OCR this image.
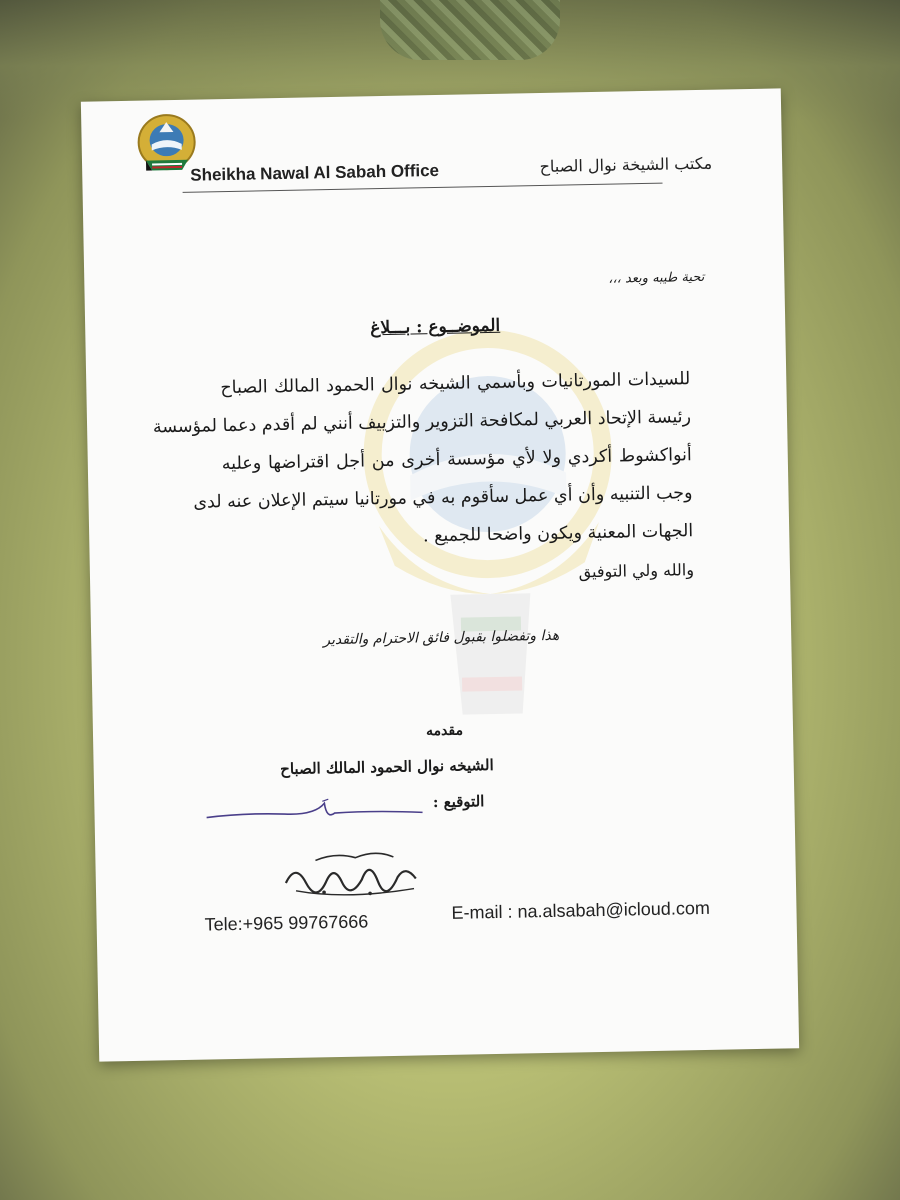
Sheikha Nawal Al Sabah Office	مكتب الشيخة نوال الصباح
تحية طيبه وبعد ،،،
الموضــوع : بـــلاغ
للسيدات المورتانيات وبأسمي الشيخه نوال الحمود المالك الصباح
رئيسة الإتحاد العربي لمكافحة التزوير والتزييف أنني لم أقدم دعما لمؤسسة
أنواكشوط أكردي ولا لأي مؤسسة أخرى من أجل اقتراضها وعليه
وجب التنبيه وأن أي عمل سأقوم به في مورتانيا سيتم الإعلان عنه لدى
الجهات المعنية ويكون واضحا للجميع .
والله ولي التوفيق
هذا وتفضلوا بقبول فائق الاحترام والتقدير
مقدمه
الشيخه نوال الحمود المالك الصباح
التوقيع :
Tele:+965 99767666
E-mail : na.alsabah@icloud.com
